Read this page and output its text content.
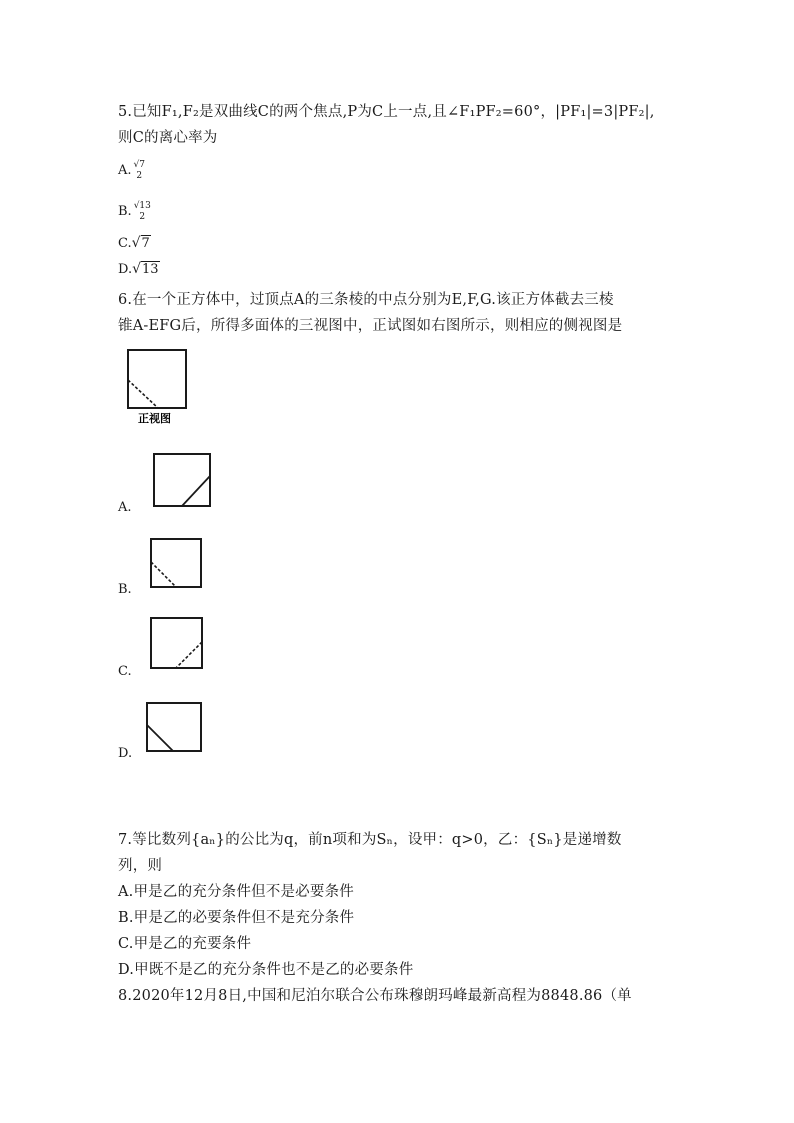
5.已知F₁,F₂是双曲线C的两个焦点,P为C上一点,且∠F₁PF₂=60°，|PF₁|=3|PF₂|,
则C的离心率为
A. √7
2
B. √13
2
C.√7
D.√13
6.在一个正方体中，过顶点A的三条棱的中点分别为E,F,G.该正方体截去三棱
锥A-EFG后，所得多面体的三视图中，正试图如右图所示，则相应的侧视图是
正视图
A.
B.
C.
D.
7.等比数列{aₙ}的公比为q，前n项和为Sₙ，设甲：q>0，乙：{Sₙ}是递增数
列，则
A.甲是乙的充分条件但不是必要条件
B.甲是乙的必要条件但不是充分条件
C.甲是乙的充要条件
D.甲既不是乙的充分条件也不是乙的必要条件
8.2020年12月8日,中国和尼泊尔联合公布珠穆朗玛峰最新高程为8848.86（单
